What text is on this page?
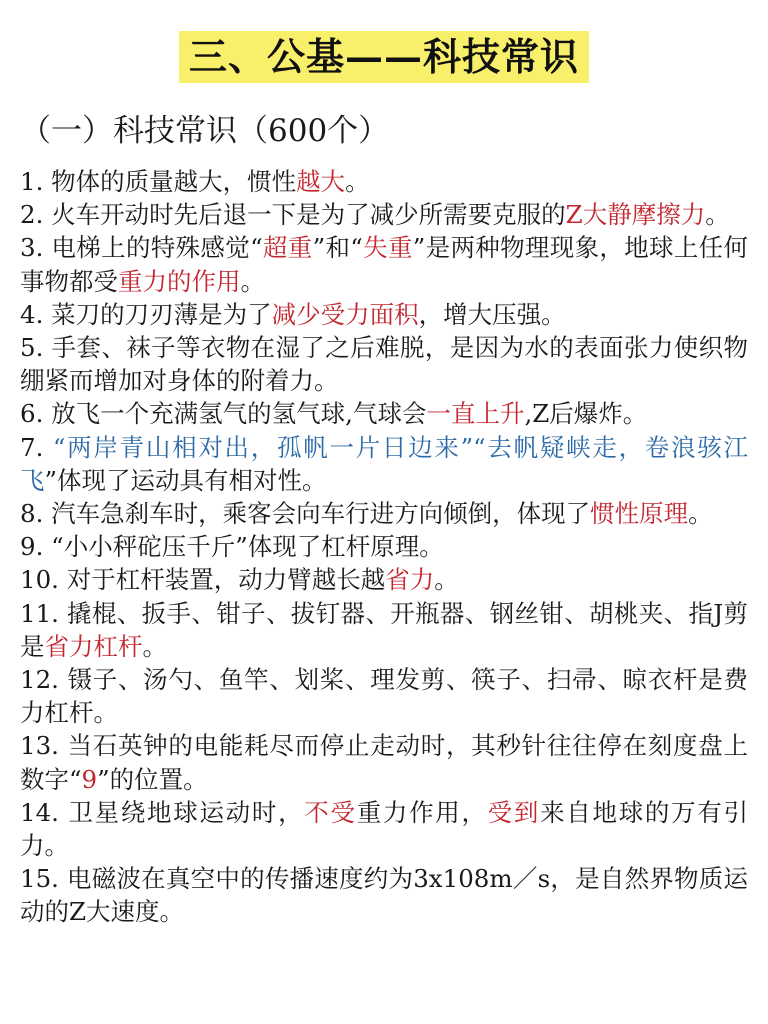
三、公基——科技常识
（一）科技常识（600个）
1. 物体的质量越大，惯性越大。
2. 火车开动时先后退一下是为了减少所需要克服的Z大静摩擦力。
3. 电梯上的特殊感觉“超重”和“失重”是两种物理现象，地球上任何事物都受重力的作用。
4. 菜刀的刀刃薄是为了减少受力面积，增大压强。
5. 手套、袜子等衣物在湿了之后难脱，是因为水的表面张力使织物绷紧而增加对身体的附着力。
6. 放飞一个充满氢气的氢气球,气球会一直上升,Z后爆炸。
7. “两岸青山相对出，孤帆一片日边来”“去帆疑峡走，卷浪骇江飞”体现了运动具有相对性。
8. 汽车急刹车时，乘客会向车行进方向倾倒，体现了惯性原理。
9. “小小秤砣压千斤”体现了杠杆原理。
10. 对于杠杆装置，动力臂越长越省力。
11. 撬棍、扳手、钳子、拔钉器、开瓶器、钢丝钳、胡桃夹、指J剪是省力杠杆。
12. 镊子、汤勺、鱼竿、划桨、理发剪、筷子、扫帚、晾衣杆是费力杠杆。
13. 当石英钟的电能耗尽而停止走动时，其秒针往往停在刻度盘上数字“9”的位置。
14. 卫星绕地球运动时，不受重力作用，受到来自地球的万有引力。
15. 电磁波在真空中的传播速度约为3x108m／s，是自然界物质运动的Z大速度。
